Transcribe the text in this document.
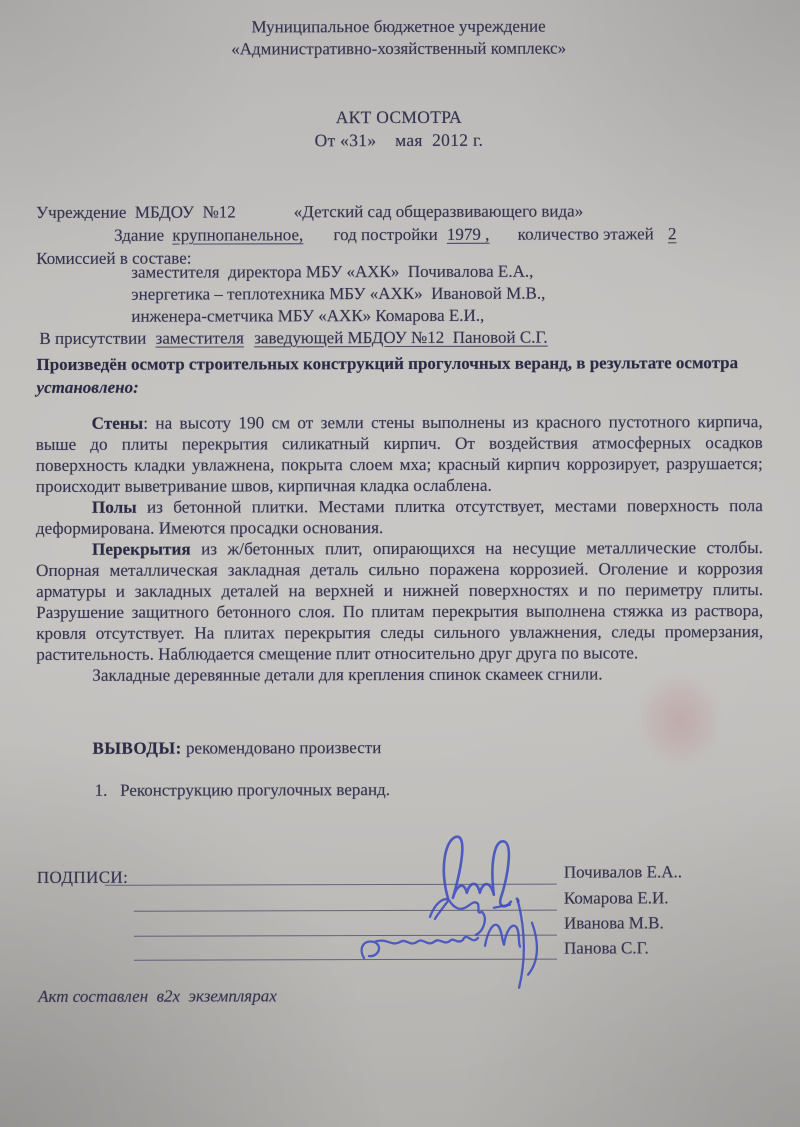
Муниципальное бюджетное учреждение
«Административно-хозяйственный комплекс»
АКТ ОСМОТРА
От «31»    мая  2012 г.
Учреждение  МБДОУ  №12	«Детский сад общеразвивающего вида»
Здание крупнопанельное, год постройки 1979 , количество этажей 2
Комиссией в составе:
заместителя  директора МБУ «АХК»  Почивалова Е.А.,
энергетика – теплотехника МБУ «АХК»  Ивановой М.В.,
инженера-сметчика МБУ «АХК» Комарова Е.И.,
В присутствии заместителя заведующей МБДОУ №12  Пановой С.Г.
Произведён осмотр строительных конструкций прогулочных веранд, в результате осмотра
установлено:

Стены: на высоту 190 см от земли стены выполнены из красного пустотного кирпича, выше до плиты перекрытия силикатный кирпич. От воздействия атмосферных осадков поверхность кладки увлажнена, покрыта слоем мха; красный кирпич коррозирует, разрушается; происходит выветривание швов, кирпичная кладка ослаблена.

Полы из бетонной плитки. Местами плитка отсутствует, местами поверхность пола деформирована. Имеются просадки основания.

Перекрытия из ж/бетонных плит, опирающихся на несущие металлические столбы. Опорная металлическая закладная деталь сильно поражена коррозией. Оголение и коррозия арматуры и закладных деталей на верхней и нижней поверхностях и по периметру плиты. Разрушение защитного бетонного слоя. По плитам перекрытия выполнена стяжка из раствора, кровля отсутствует. На плитах перекрытия следы сильного увлажнения, следы промерзания, растительность. Наблюдается смещение плит относительно друг друга по высоте.

Закладные деревянные детали для крепления спинок скамеек сгнили.

ВЫВОДЫ: рекомендовано произвести
1.   Реконструкцию прогулочных веранд.
ПОДПИСИ:	Почивалов Е.А..
Комарова Е.И.
Иванова М.В.
Панова С.Г.
Акт составлен  в2х  экземплярах
